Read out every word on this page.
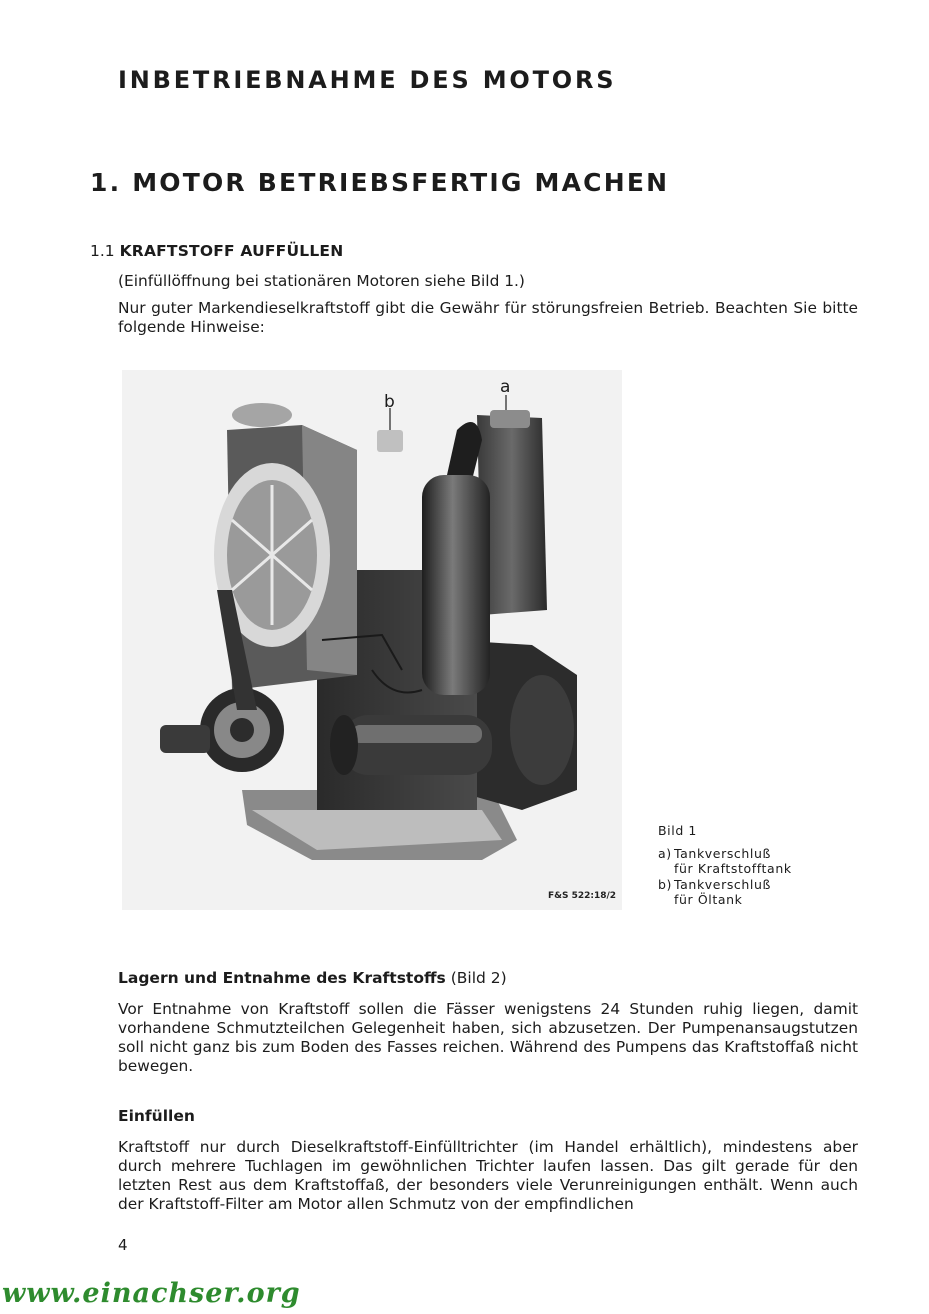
INBETRIEBNAHME DES MOTORS
1. MOTOR BETRIEBSFERTIG MACHEN
1.1 KRAFTSTOFF AUFFÜLLEN

(Einfüllöffnung bei stationären Motoren siehe Bild 1.)

Nur guter Markendieselkraftstoff gibt die Gewähr für störungsfreien Betrieb. Beachten Sie bitte folgende Hinweise:

b
a
F&S 522:18/2
Bild 1
a) Tankverschluß
für Kraftstofftank
b) Tankverschluß
für Öltank
Lagern und Entnahme des Kraftstoffs (Bild 2)

Vor Entnahme von Kraftstoff sollen die Fässer wenigstens 24 Stunden ruhig liegen, damit vorhandene Schmutzteilchen Gelegenheit haben, sich abzusetzen. Der Pumpenansaugstutzen soll nicht ganz bis zum Boden des Fasses reichen. Während des Pumpens das Kraftstoffaß nicht bewegen.

Einfüllen

Kraftstoff nur durch Dieselkraftstoff-Einfülltrichter (im Handel erhältlich), mindestens aber durch mehrere Tuchlagen im gewöhnlichen Trichter laufen lassen. Das gilt gerade für den letzten Rest aus dem Kraftstoffaß, der besonders viele Verunreinigungen enthält. Wenn auch der Kraftstoff-Filter am Motor allen Schmutz von der empfindlichen

4

www.einachser.org
